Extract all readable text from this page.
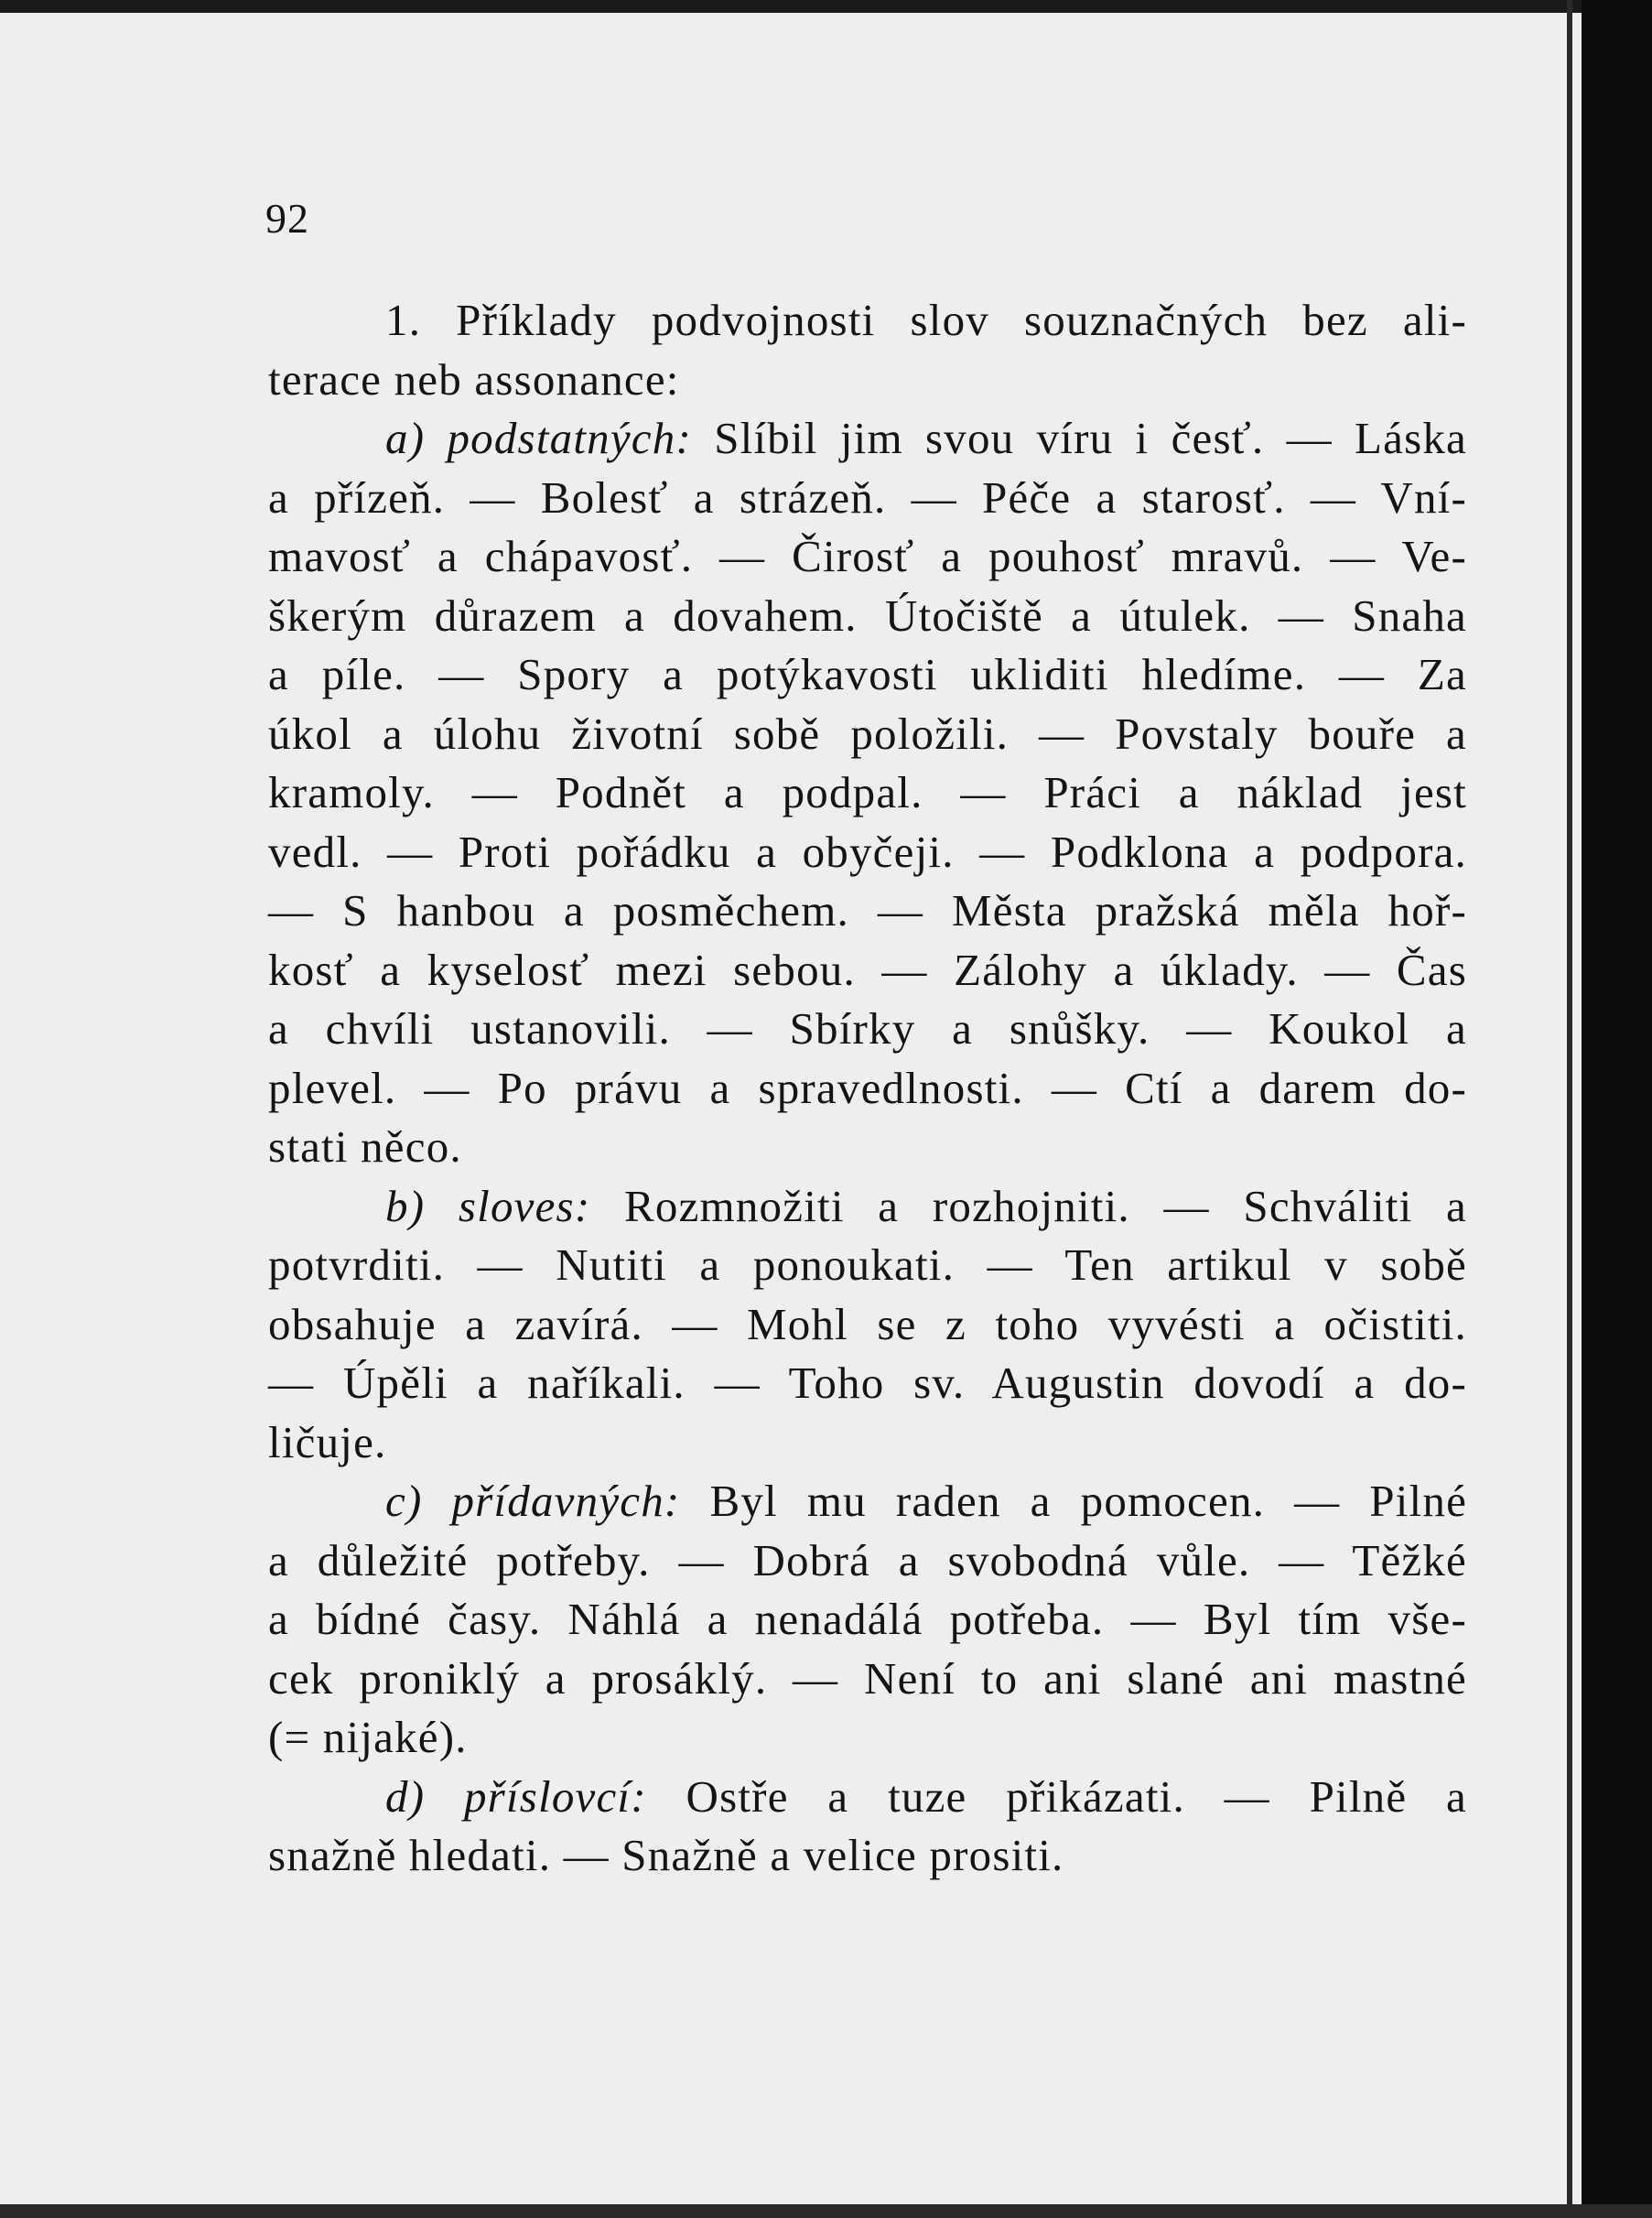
92
1. Příklady podvojnosti slov souznačných bez ali-
terace neb assonance:
a) podstatných: Slíbil jim svou víru i česť. — Láska
a přízeň. — Bolesť a strázeň. — Péče a starosť. — Vní-
mavosť a chápavosť. — Čirosť a pouhosť mravů. — Ve-
škerým důrazem a dovahem. Útočiště a útulek. — Snaha
a píle. — Spory a potýkavosti ukliditi hledíme. — Za
úkol a úlohu životní sobě položili. — Povstaly bouře a
kramoly. — Podnět a podpal. — Práci a náklad jest
vedl. — Proti pořádku a obyčeji. — Podklona a podpora.
— S hanbou a posměchem. — Města pražská měla hoř-
kosť a kyselosť mezi sebou. — Zálohy a úklady. — Čas
a chvíli ustanovili. — Sbírky a snůšky. — Koukol a
plevel. — Po právu a spravedlnosti. — Ctí a darem do-
stati něco.
b) sloves: Rozmnožiti a rozhojniti. — Schváliti a
potvrditi. — Nutiti a ponoukati. — Ten artikul v sobě
obsahuje a zavírá. — Mohl se z toho vyvésti a očistiti.
— Úpěli a naříkali. — Toho sv. Augustin dovodí a do-
ličuje.
c) přídavných: Byl mu raden a pomocen. — Pilné
a důležité potřeby. — Dobrá a svobodná vůle. — Těžké
a bídné časy. Náhlá a nenadálá potřeba. — Byl tím vše-
cek proniklý a prosáklý. — Není to ani slané ani mastné
(= nijaké).
d) příslovcí: Ostře a tuze přikázati. — Pilně a
snažně hledati. — Snažně a velice prositi.
